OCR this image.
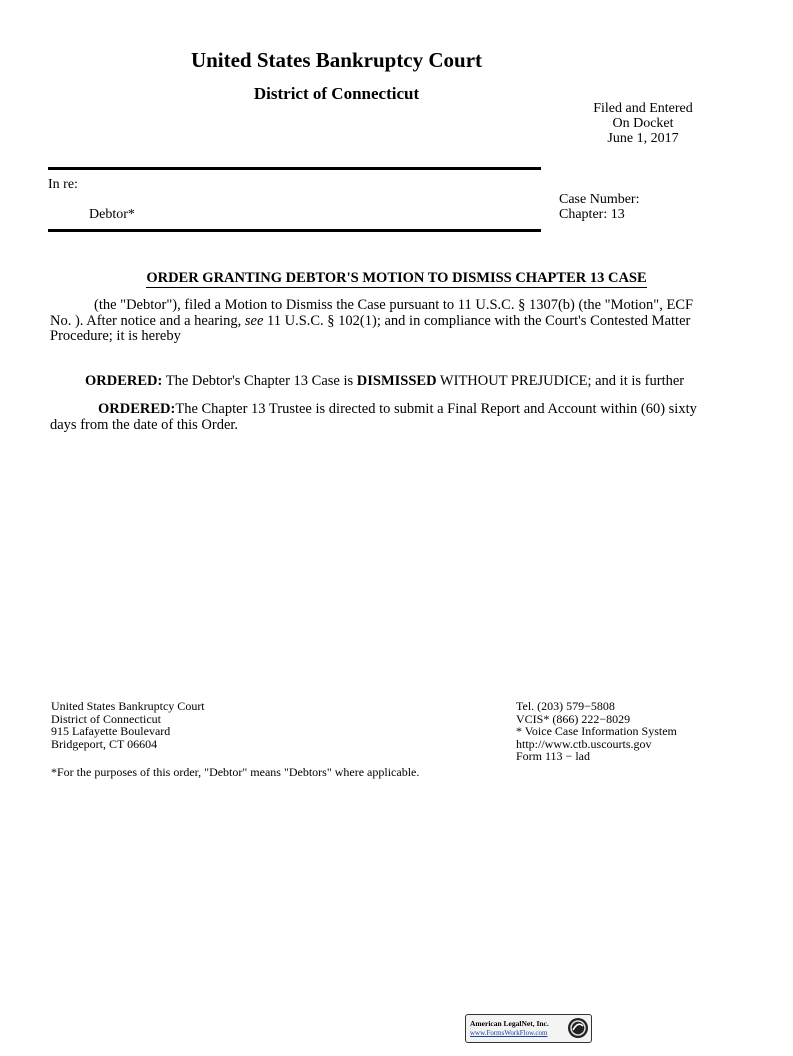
United States Bankruptcy Court
District of Connecticut
Filed and Entered
On Docket
June 1, 2017
In re:
Debtor*
Case Number:
Chapter: 13
ORDER GRANTING DEBTOR'S MOTION TO DISMISS CHAPTER 13 CASE
(the "Debtor"), filed a Motion to Dismiss the Case pursuant to 11 U.S.C. § 1307(b) (the "Motion", ECF No. ). After notice and a hearing, see 11 U.S.C. § 102(1); and in compliance with the Court's Contested Matter Procedure; it is hereby
ORDERED: The Debtor's Chapter 13 Case is DISMISSED WITHOUT PREJUDICE; and it is further
ORDERED:The Chapter 13 Trustee is directed to submit a Final Report and Account within (60) sixty days from the date of this Order.
United States Bankruptcy Court
District of Connecticut
915 Lafayette Boulevard
Bridgeport, CT 06604
Tel. (203) 579−5808
VCIS* (866) 222−8029
* Voice Case Information System
http://www.ctb.uscourts.gov
Form 113 − lad
*For the purposes of this order, "Debtor" means "Debtors" where applicable.
American LegalNet, Inc.
www.FormsWorkFlow.com
